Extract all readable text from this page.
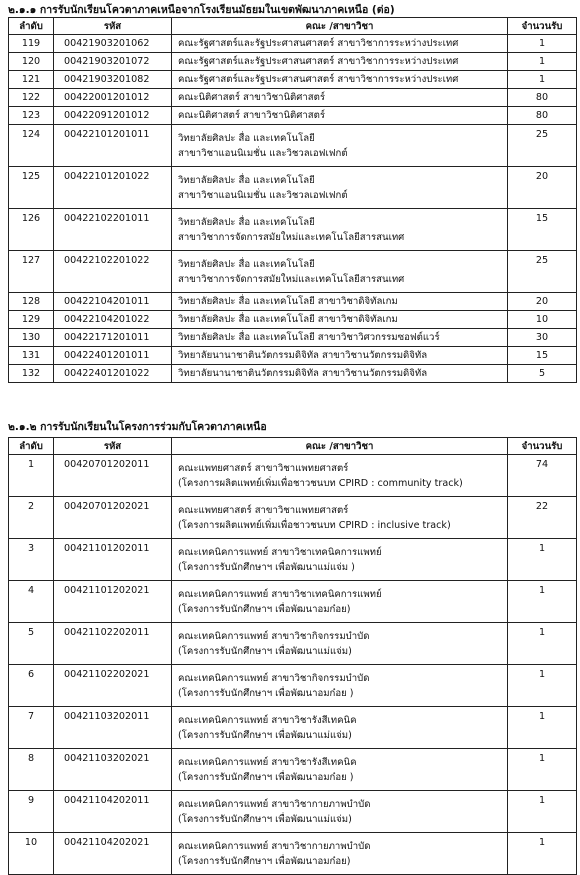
๒.๑.๑ การรับนักเรียนโควตาภาคเหนือจากโรงเรียนมัธยมในเขตพัฒนาภาคเหนือ (ต่อ)
ลำดับ	รหัส	คณะ /สาขาวิชา	จำนวนรับ
119	00421903201062	คณะรัฐศาสตร์และรัฐประศาสนศาสตร์ สาขาวิชาการระหว่างประเทศ	1
120	00421903201072	คณะรัฐศาสตร์และรัฐประศาสนศาสตร์ สาขาวิชาการระหว่างประเทศ	1
121	00421903201082	คณะรัฐศาสตร์และรัฐประศาสนศาสตร์ สาขาวิชาการระหว่างประเทศ	1
122	00422001201012	คณะนิติศาสตร์ สาขาวิชานิติศาสตร์	80
123	00422091201012	คณะนิติศาสตร์ สาขาวิชานิติศาสตร์	80
124	00422101201011	วิทยาลัยศิลปะ สื่อ และเทคโนโลยี
สาขาวิชาแอนนิเมชั่น และวิชวลเอฟเฟกต์	25
125	00422101201022	วิทยาลัยศิลปะ สื่อ และเทคโนโลยี
สาขาวิชาแอนนิเมชั่น และวิชวลเอฟเฟกต์	20
126	00422102201011	วิทยาลัยศิลปะ สื่อ และเทคโนโลยี
สาขาวิชาการจัดการสมัยใหม่และเทคโนโลยีสารสนเทศ	15
127	00422102201022	วิทยาลัยศิลปะ สื่อ และเทคโนโลยี
สาขาวิชาการจัดการสมัยใหม่และเทคโนโลยีสารสนเทศ	25
128	00422104201011	วิทยาลัยศิลปะ สื่อ และเทคโนโลยี สาขาวิชาดิจิทัลเกม	20
129	00422104201022	วิทยาลัยศิลปะ สื่อ และเทคโนโลยี สาขาวิชาดิจิทัลเกม	10
130	00422171201011	วิทยาลัยศิลปะ สื่อ และเทคโนโลยี สาขาวิชาวิศวกรรมซอฟต์แวร์	30
131	00422401201011	วิทยาลัยนานาชาตินวัตกรรมดิจิทัล สาขาวิชานวัตกรรมดิจิทัล	15
132	00422401201022	วิทยาลัยนานาชาตินวัตกรรมดิจิทัล สาขาวิชานวัตกรรมดิจิทัล	5
๒.๑.๒ การรับนักเรียนในโครงการร่วมกับโควตาภาคเหนือ
ลำดับ	รหัส	คณะ /สาขาวิชา	จำนวนรับ
1	00420701202011	คณะแพทยศาสตร์ สาขาวิชาแพทยศาสตร์
(โครงการผลิตแพทย์เพิ่มเพื่อชาวชนบท CPIRD : community track)	74
2	00420701202021	คณะแพทยศาสตร์ สาขาวิชาแพทยศาสตร์
(โครงการผลิตแพทย์เพิ่มเพื่อชาวชนบท CPIRD : inclusive track)	22
3	00421101202011	คณะเทคนิคการแพทย์ สาขาวิชาเทคนิคการแพทย์
(โครงการรับนักศึกษาฯ เพื่อพัฒนาแม่แจ่ม )	1
4	00421101202021	คณะเทคนิคการแพทย์ สาขาวิชาเทคนิคการแพทย์
(โครงการรับนักศึกษาฯ เพื่อพัฒนาอมก๋อย)	1
5	00421102202011	คณะเทคนิคการแพทย์ สาขาวิชากิจกรรมบำบัด
(โครงการรับนักศึกษาฯ เพื่อพัฒนาแม่แจ่ม)	1
6	00421102202021	คณะเทคนิคการแพทย์ สาขาวิชากิจกรรมบำบัด
(โครงการรับนักศึกษาฯ เพื่อพัฒนาอมก๋อย )	1
7	00421103202011	คณะเทคนิคการแพทย์ สาขาวิชารังสีเทคนิค
(โครงการรับนักศึกษาฯ เพื่อพัฒนาแม่แจ่ม)	1
8	00421103202021	คณะเทคนิคการแพทย์ สาขาวิชารังสีเทคนิค
(โครงการรับนักศึกษาฯ เพื่อพัฒนาอมก๋อย )	1
9	00421104202011	คณะเทคนิคการแพทย์ สาขาวิชากายภาพบำบัด
(โครงการรับนักศึกษาฯ เพื่อพัฒนาแม่แจ่ม)	1
10	00421104202021	คณะเทคนิคการแพทย์ สาขาวิชากายภาพบำบัด
(โครงการรับนักศึกษาฯ เพื่อพัฒนาอมก๋อย)	1
